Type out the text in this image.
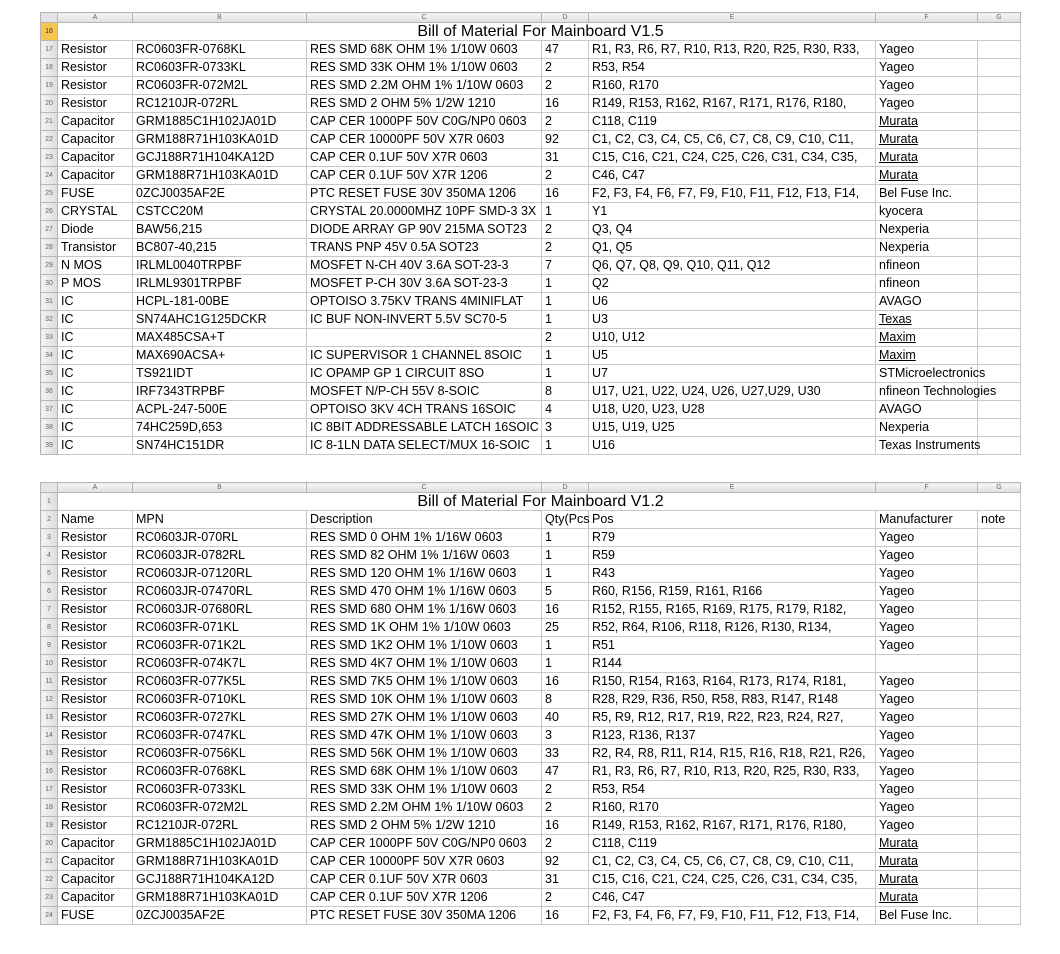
	A	B	C	D	E	F	G
16	Bill of Material For Mainboard V1.5						
17	Resistor	RC0603FR-0768KL	RES SMD 68K OHM 1% 1/10W 0603	47	R1, R3, R6, R7, R10, R13, R20, R25, R30, R33,	Yageo	
18	Resistor	RC0603FR-0733KL	RES SMD 33K OHM 1% 1/10W 0603	2	R53, R54	Yageo	
19	Resistor	RC0603FR-072M2L	RES SMD 2.2M OHM 1% 1/10W 0603	2	R160, R170	Yageo	
20	Resistor	RC1210JR-072RL	RES SMD 2 OHM 5% 1/2W 1210	16	R149, R153, R162, R167, R171, R176, R180,	Yageo	
21	Capacitor	GRM1885C1H102JA01D	CAP CER 1000PF 50V C0G/NP0 0603	2	C118, C119	Murata	
22	Capacitor	GRM188R71H103KA01D	CAP CER 10000PF 50V X7R 0603	92	C1, C2, C3, C4, C5, C6, C7, C8, C9, C10, C11,	Murata	
23	Capacitor	GCJ188R71H104KA12D	CAP CER 0.1UF 50V X7R 0603	31	C15, C16, C21, C24, C25, C26, C31, C34, C35,	Murata	
24	Capacitor	GRM188R71H103KA01D	CAP CER 0.1UF 50V X7R 1206	2	C46, C47	Murata	
25	FUSE	0ZCJ0035AF2E	PTC RESET FUSE 30V 350MA 1206	16	F2, F3, F4, F6, F7, F9, F10, F11, F12, F13, F14,	Bel Fuse Inc.	
26	CRYSTAL	CSTCC20M	CRYSTAL 20.0000MHZ 10PF SMD-3 3X	1	Y1	kyocera	
27	Diode	BAW56,215	DIODE ARRAY GP 90V 215MA SOT23	2	Q3, Q4	Nexperia	
28	Transistor	BC807-40,215	TRANS PNP 45V 0.5A SOT23	2	Q1, Q5	Nexperia	
29	N MOS	IRLML0040TRPBF	MOSFET N-CH 40V 3.6A SOT-23-3	7	Q6, Q7, Q8, Q9, Q10, Q11, Q12	nfineon	
30	P MOS	IRLML9301TRPBF	MOSFET P-CH 30V 3.6A SOT-23-3	1	Q2	nfineon	
31	IC	HCPL-181-00BE	OPTOISO 3.75KV TRANS 4MINIFLAT	1	U6	AVAGO	
32	IC	SN74AHC1G125DCKR	IC BUF NON-INVERT 5.5V SC70-5	1	U3	Texas	
33	IC	MAX485CSA+T		2	U10, U12	Maxim	
34	IC	MAX690ACSA+	IC SUPERVISOR 1 CHANNEL 8SOIC	1	U5	Maxim	
35	IC	TS921IDT	IC OPAMP GP 1 CIRCUIT 8SO	1	U7	STMicroelectronics	
36	IC	IRF7343TRPBF	MOSFET N/P-CH 55V 8-SOIC	8	U17, U21, U22, U24, U26, U27,U29, U30	nfineon Technologies	
37	IC	ACPL-247-500E	OPTOISO 3KV 4CH TRANS 16SOIC	4	U18, U20, U23, U28	AVAGO	
38	IC	74HC259D,653	IC 8BIT ADDRESSABLE LATCH 16SOIC	3	U15, U19, U25	Nexperia	
39	IC	SN74HC151DR	IC 8-1LN DATA SELECT/MUX 16-SOIC	1	U16	Texas Instruments	
	A	B	C	D	E	F	G
1	Bill of Material For Mainboard V1.2						
2	Name	MPN	Description	Qty(Pcs	Pos	Manufacturer	note
3	Resistor	RC0603JR-070RL	RES SMD 0 OHM 1% 1/16W 0603	1	R79	Yageo	
4	Resistor	RC0603JR-0782RL	RES SMD 82 OHM 1% 1/16W 0603	1	R59	Yageo	
5	Resistor	RC0603JR-07120RL	RES SMD 120 OHM 1% 1/16W 0603	1	R43	Yageo	
6	Resistor	RC0603JR-07470RL	RES SMD 470 OHM 1% 1/16W 0603	5	R60, R156, R159, R161, R166	Yageo	
7	Resistor	RC0603JR-07680RL	RES SMD 680 OHM 1% 1/16W 0603	16	R152, R155, R165, R169, R175, R179, R182,	Yageo	
8	Resistor	RC0603FR-071KL	RES SMD 1K OHM 1% 1/10W 0603	25	R52, R64, R106, R118, R126, R130, R134,	Yageo	
9	Resistor	RC0603FR-071K2L	RES SMD 1K2 OHM 1% 1/10W 0603	1	R51	Yageo	
10	Resistor	RC0603FR-074K7L	RES SMD 4K7 OHM 1% 1/10W 0603	1	R144		
11	Resistor	RC0603FR-077K5L	RES SMD 7K5 OHM 1% 1/10W 0603	16	R150, R154, R163, R164, R173, R174, R181,	Yageo	
12	Resistor	RC0603FR-0710KL	RES SMD 10K OHM 1% 1/10W 0603	8	R28, R29, R36, R50, R58, R83, R147, R148	Yageo	
13	Resistor	RC0603FR-0727KL	RES SMD 27K OHM 1% 1/10W 0603	40	R5, R9, R12, R17, R19, R22, R23, R24, R27,	Yageo	
14	Resistor	RC0603FR-0747KL	RES SMD 47K OHM 1% 1/10W 0603	3	R123, R136, R137	Yageo	
15	Resistor	RC0603FR-0756KL	RES SMD 56K OHM 1% 1/10W 0603	33	R2, R4, R8, R11, R14, R15, R16, R18, R21, R26,	Yageo	
16	Resistor	RC0603FR-0768KL	RES SMD 68K OHM 1% 1/10W 0603	47	R1, R3, R6, R7, R10, R13, R20, R25, R30, R33,	Yageo	
17	Resistor	RC0603FR-0733KL	RES SMD 33K OHM 1% 1/10W 0603	2	R53, R54	Yageo	
18	Resistor	RC0603FR-072M2L	RES SMD 2.2M OHM 1% 1/10W 0603	2	R160, R170	Yageo	
19	Resistor	RC1210JR-072RL	RES SMD 2 OHM 5% 1/2W 1210	16	R149, R153, R162, R167, R171, R176, R180,	Yageo	
20	Capacitor	GRM1885C1H102JA01D	CAP CER 1000PF 50V C0G/NP0 0603	2	C118, C119	Murata	
21	Capacitor	GRM188R71H103KA01D	CAP CER 10000PF 50V X7R 0603	92	C1, C2, C3, C4, C5, C6, C7, C8, C9, C10, C11,	Murata	
22	Capacitor	GCJ188R71H104KA12D	CAP CER 0.1UF 50V X7R 0603	31	C15, C16, C21, C24, C25, C26, C31, C34, C35,	Murata	
23	Capacitor	GRM188R71H103KA01D	CAP CER 0.1UF 50V X7R 1206	2	C46, C47	Murata	
24	FUSE	0ZCJ0035AF2E	PTC RESET FUSE 30V 350MA 1206	16	F2, F3, F4, F6, F7, F9, F10, F11, F12, F13, F14,	Bel Fuse Inc.	
